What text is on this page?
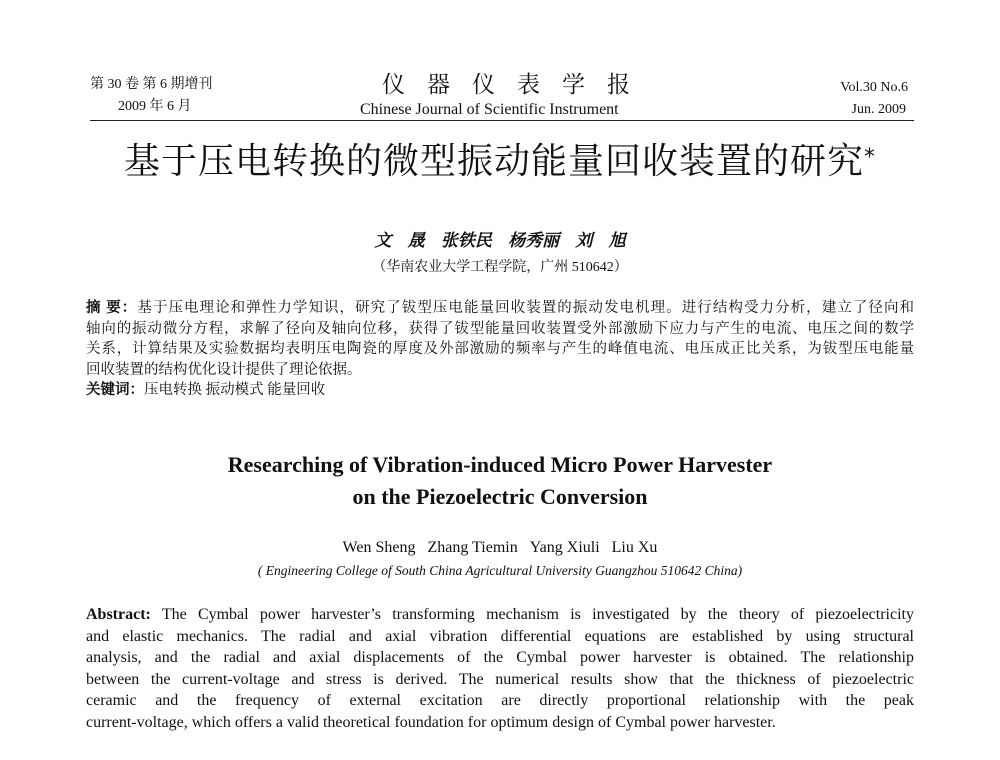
第 30 卷 第 6 期增刊
2009 年 6 月
仪器仪表学报
Chinese Journal of Scientific Instrument
Vol.30 No.6
Jun. 2009
基于压电转换的微型振动能量回收装置的研究*
文 晟 张铁民 杨秀丽 刘 旭
（华南农业大学工程学院，广州 510642）
摘 要：基于压电理论和弹性力学知识，研究了钹型压电能量回收装置的振动发电机理。进行结构受力分析，建立了径向和
轴向的振动微分方程，求解了径向及轴向位移，获得了钹型能量回收装置受外部激励下应力与产生的电流、电压之间的数学
关系，计算结果及实验数据均表明压电陶瓷的厚度及外部激励的频率与产生的峰值电流、电压成正比关系，为钹型压电能量
回收装置的结构优化设计提供了理论依据。
关键词：压电转换 振动模式 能量回收
Researching of Vibration-induced Micro Power Harvester
on the Piezoelectric Conversion
Wen Sheng Zhang Tiemin Yang Xiuli Liu Xu
( Engineering College of South China Agricultural University Guangzhou 510642 China)
Abstract: The Cymbal power harvester’s transforming mechanism is investigated by the theory of piezoelectricity
and elastic mechanics. The radial and axial vibration differential equations are established by using structural
analysis, and the radial and axial displacements of the Cymbal power harvester is obtained. The relationship
between the current-voltage and stress is derived. The numerical results show that the thickness of piezoelectric
ceramic and the frequency of external excitation are directly proportional relationship with the peak
current-voltage, which offers a valid theoretical foundation for optimum design of Cymbal power harvester.
